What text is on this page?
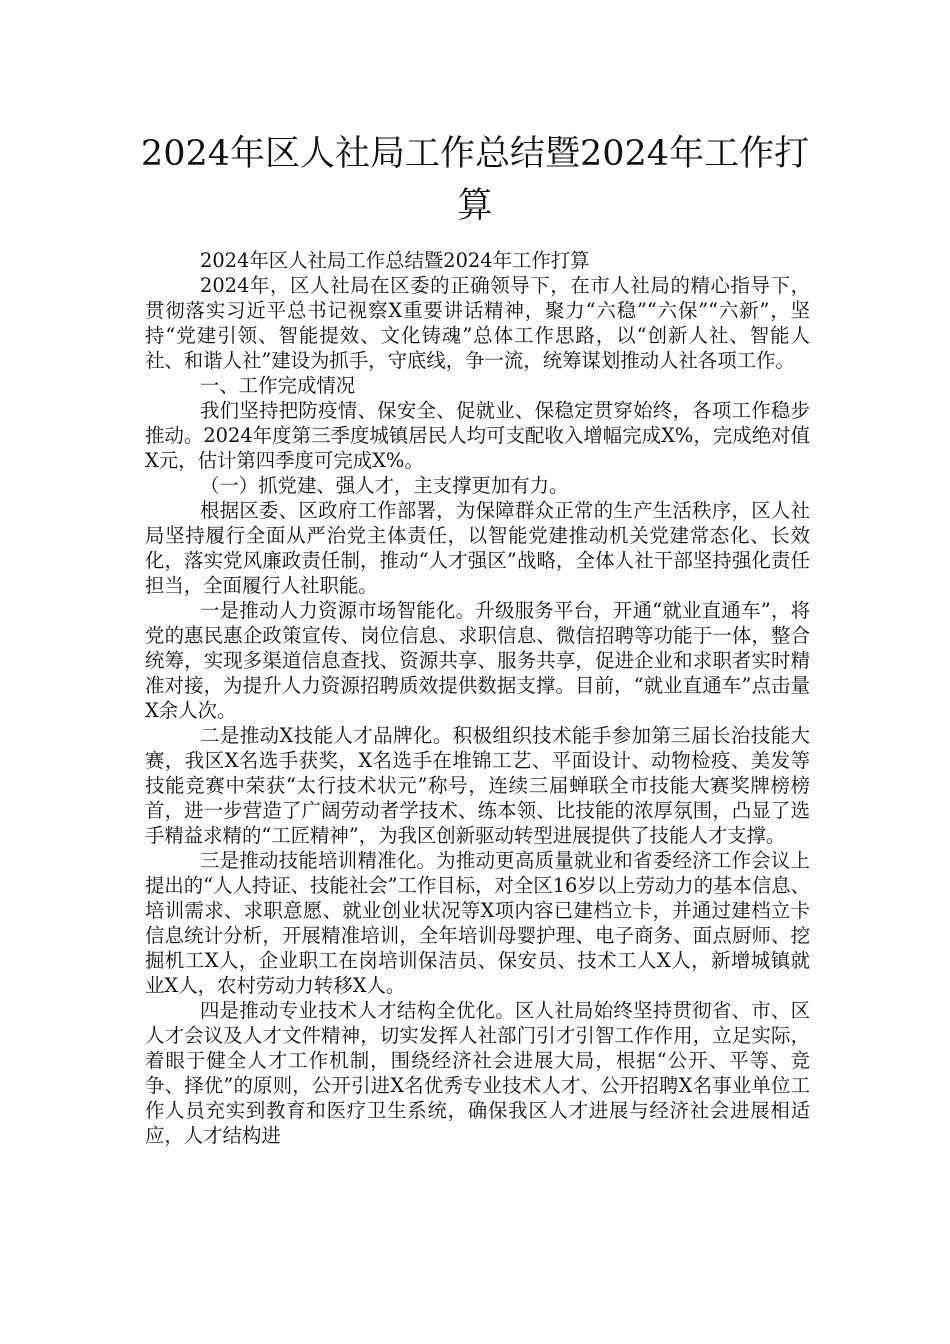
2024年区人社局工作总结暨2024年工作打算

2024年区人社局工作总结暨2024年工作打算

2024年，区人社局在区委的正确领导下，在市人社局的精心指导下，贯彻落实习近平总书记视察X重要讲话精神，聚力“六稳”“六保”“六新”，坚持“党建引领、智能提效、文化铸魂”总体工作思路，以“创新人社、智能人社、和谐人社”建设为抓手，守底线，争一流，统筹谋划推动人社各项工作。

一、工作完成情况

我们坚持把防疫情、保安全、促就业、保稳定贯穿始终，各项工作稳步推动。2024年度第三季度城镇居民人均可支配收入增幅完成X%，完成绝对值X元，估计第四季度可完成X%。

（一）抓党建、强人才，主支撑更加有力。

根据区委、区政府工作部署，为保障群众正常的生产生活秩序，区人社局坚持履行全面从严治党主体责任，以智能党建推动机关党建常态化、长效化，落实党风廉政责任制，推动“人才强区”战略，全体人社干部坚持强化责任担当，全面履行人社职能。

一是推动人力资源市场智能化。升级服务平台，开通“就业直通车”，将党的惠民惠企政策宣传、岗位信息、求职信息、微信招聘等功能于一体，整合统筹，实现多渠道信息查找、资源共享、服务共享，促进企业和求职者实时精准对接，为提升人力资源招聘质效提供数据支撑。目前，“就业直通车”点击量X余人次。

二是推动X技能人才品牌化。积极组织技术能手参加第三届长治技能大赛，我区X名选手获奖，X名选手在堆锦工艺、平面设计、动物检疫、美发等技能竞赛中荣获“太行技术状元”称号，连续三届蝉联全市技能大赛奖牌榜榜首，进一步营造了广阔劳动者学技术、练本领、比技能的浓厚氛围，凸显了选手精益求精的“工匠精神”，为我区创新驱动转型进展提供了技能人才支撑。

三是推动技能培训精准化。为推动更高质量就业和省委经济工作会议上提出的“人人持证、技能社会”工作目标，对全区16岁以上劳动力的基本信息、培训需求、求职意愿、就业创业状况等X项内容已建档立卡，并通过建档立卡信息统计分析，开展精准培训，全年培训母婴护理、电子商务、面点厨师、挖掘机工X人，企业职工在岗培训保洁员、保安员、技术工人X人，新增城镇就业X人，农村劳动力转移X人。

四是推动专业技术人才结构全优化。区人社局始终坚持贯彻省、市、区人才会议及人才文件精神，切实发挥人社部门引才引智工作作用，立足实际，着眼于健全人才工作机制，围绕经济社会进展大局，根据“公开、平等、竞争、择优”的原则，公开引进X名优秀专业技术人才、公开招聘X名事业单位工作人员充实到教育和医疗卫生系统，确保我区人才进展与经济社会进展相适应，人才结构进
